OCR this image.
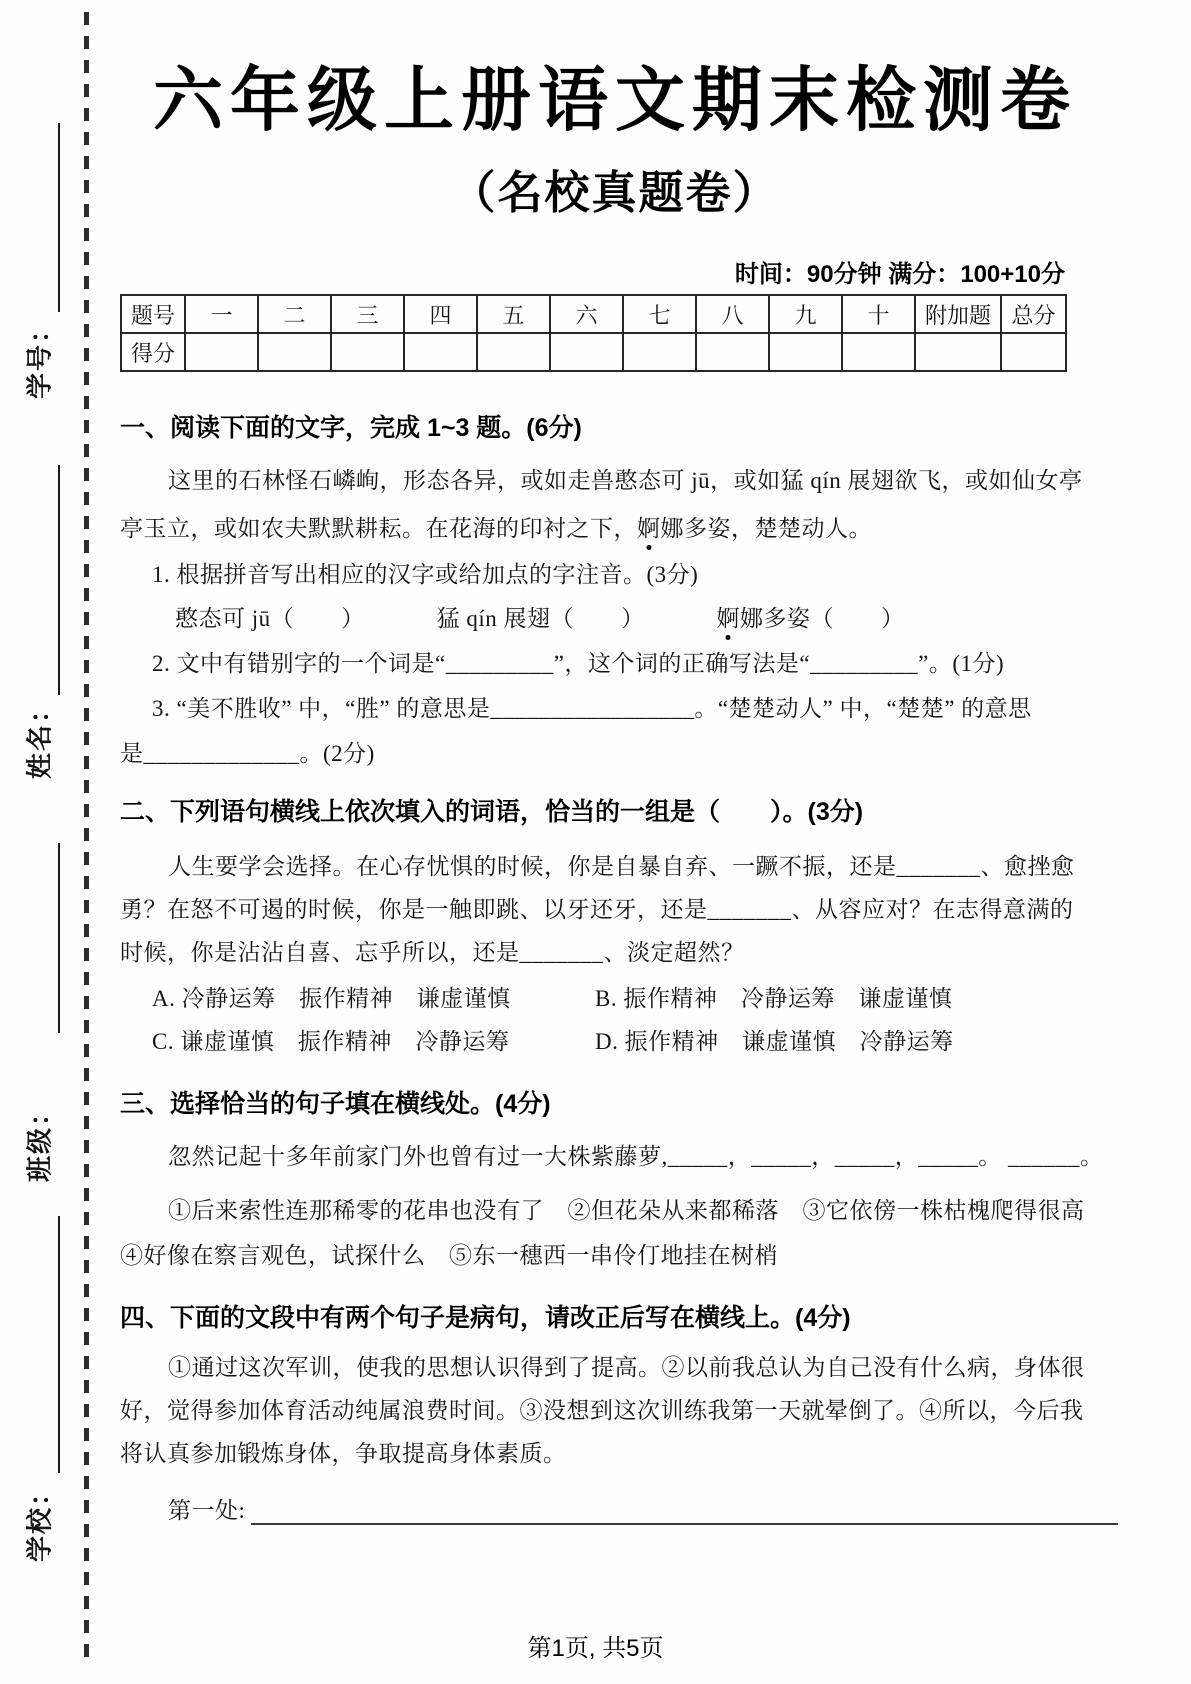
学号：
姓名：
班级：
学校：
六年级上册语文期末检测卷
（名校真题卷）
时间：90分钟 满分：100+10分
题号	一	二	三	四	五	六	七	八	九	十	附加题	总分
得分												
一、阅读下面的文字，完成 1~3 题。(6分)
这里的石林怪石嶙峋，形态各异，或如走兽憨态可 jū，或如猛 qín 展翅欲飞，或如仙女亭
亭玉立，或如农夫默默耕耘。在花海的印衬之下，婀娜多姿，楚楚动人。
1. 根据拼音写出相应的汉字或给加点的字注音。(3分)
憨态可 jū（　　）	猛 qín 展翅（　　）	婀娜多姿（　　）
2. 文中有错别字的一个词是“_________”，这个词的正确写法是“_________”。(1分)
3. “美不胜收” 中，“胜” 的意思是_________________。“楚楚动人” 中，“楚楚” 的意思
是_____________。(2分)
二、下列语句横线上依次填入的词语，恰当的一组是（　　）。(3分)
人生要学会选择。在心存忧惧的时候，你是自暴自弃、一蹶不振，还是_______、愈挫愈
勇？在怒不可遏的时候，你是一触即跳、以牙还牙，还是_______、从容应对？在志得意满的
时候，你是沾沾自喜、忘乎所以，还是_______、淡定超然？
A. 冷静运筹　振作精神　谦虚谨慎	B. 振作精神　冷静运筹　谦虚谨慎
C. 谦虚谨慎　振作精神　冷静运筹	D. 振作精神　谦虚谨慎　冷静运筹
三、选择恰当的句子填在横线处。(4分)
忽然记起十多年前家门外也曾有过一大株紫藤萝,_____，_____，_____，_____。 ______。
①后来索性连那稀零的花串也没有了　②但花朵从来都稀落　③它依傍一株枯槐爬得很高
④好像在察言观色，试探什么　⑤东一穗西一串伶仃地挂在树梢
四、下面的文段中有两个句子是病句，请改正后写在横线上。(4分)
①通过这次军训，使我的思想认识得到了提高。②以前我总认为自己没有什么病，身体很
好，觉得参加体育活动纯属浪费时间。③没想到这次训练我第一天就晕倒了。④所以，今后我
将认真参加锻炼身体，争取提高身体素质。
第一处:
第1页, 共5页
